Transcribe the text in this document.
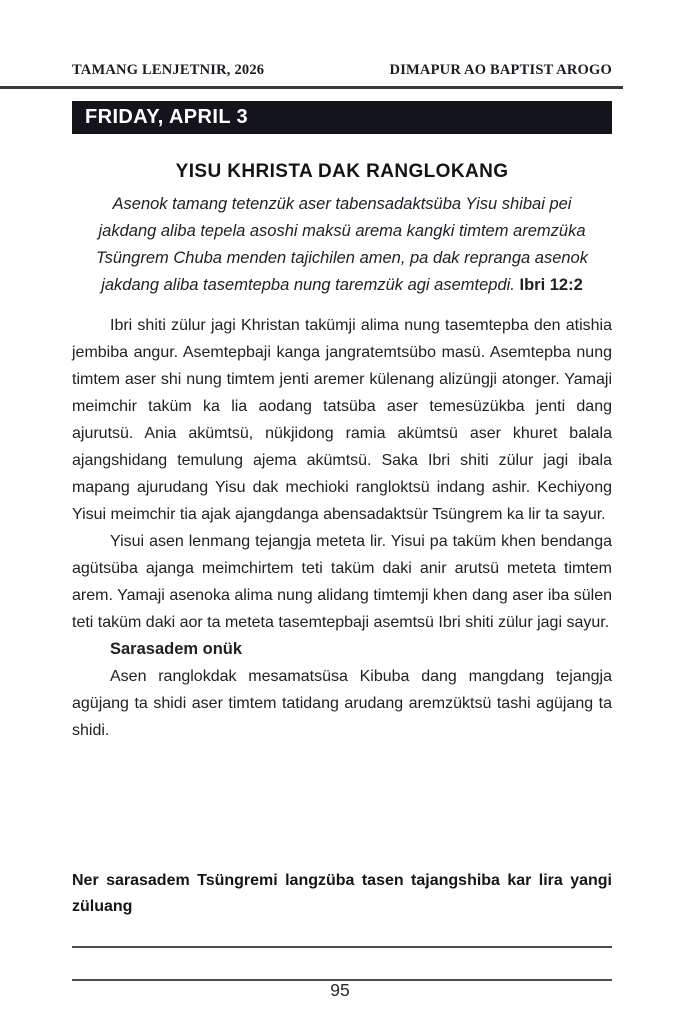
TAMANG LENJETNIR, 2026	DIMAPUR AO BAPTIST AROGO
FRIDAY, APRIL 3
YISU KHRISTA DAK RANGLOKANG
Asenok tamang tetenzük aser tabensadaktsüba Yisu shibai pei jakdang aliba tepela asoshi maksü arema kangki timtem aremzüka Tsüngrem Chuba menden tajichilen amen, pa dak repranga asenok jakdang aliba tasemtepba nung taremzük agi asemtepdi. Ibri 12:2

Ibri shiti zülur jagi Khristan takümji alima nung tasemtepba den atishia jembiba angur. Asemtepbaji kanga jangratemtsübo masü. Asemtepba nung timtem aser shi nung timtem jenti aremer külenang alizüngji atonger. Yamaji meimchir taküm ka lia aodang tatsüba aser temesüzükba jenti dang ajurutsü. Ania akümtsü, nükjidong ramia akümtsü aser khuret balala ajangshidang temulung ajema akümtsü. Saka Ibri shiti zülur jagi ibala mapang ajurudang Yisu dak mechioki rangloktsü indang ashir. Kechiyong Yisui meimchir tia ajak ajangdanga abensadaktsür Tsüngrem ka lir ta sayur.

Yisui asen lenmang tejangja meteta lir. Yisui pa taküm khen bendanga agütsüba ajanga meimchirtem teti taküm daki anir arutsü meteta timtem arem. Yamaji asenoka alima nung alidang timtemji khen dang aser iba sülen teti taküm daki aor ta meteta tasemtepbaji asemtsü Ibri shiti zülur jagi sayur.

Sarasadem onük

Asen ranglokdak mesamatsüsa Kibuba dang mangdang tejangja agüjang ta shidi aser timtem tatidang arudang aremzüktsü tashi agüjang ta shidi.

Ner sarasadem Tsüngremi langzüba tasen tajangshiba kar lira yangi züluang

95
